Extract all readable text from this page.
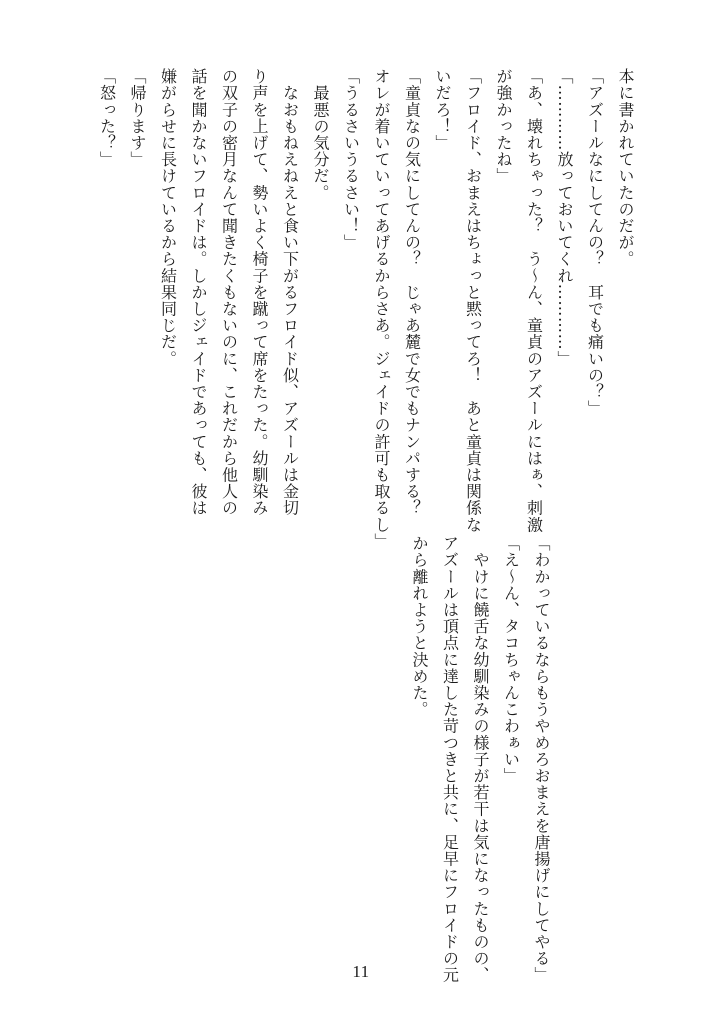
本に書かれていたのだが。
「アズールなにしてんの？　耳でも痛いの？」
「…………放っておいてくれ…………」
「あ、壊れちゃった？　う〜ん、童貞のアズールにはぁ、刺激
が強かったね」
「フロイド、おまえはちょっと黙ってろ！　あと童貞は関係な
いだろ！」
「童貞なの気にしてんの？　じゃあ麓で女でもナンパする？
オレが着いていってあげるからさあ。ジェイドの許可も取るし」
「うるさいうるさい！」
　最悪の気分だ。
　なおもねえねえと食い下がるフロイド似、アズールは金切
り声を上げて、勢いよく椅子を蹴って席をたった。幼馴染み
の双子の密月なんて聞きたくもないのに、これだから他人の
話を聞かないフロイドは。しかしジェイドであっても、彼は
嫌がらせに長けているから結果同じだ。
「帰ります」
「怒った？」
「わかっているならもうやめろおまえを唐揚げにしてやる」
「え〜ん、タコちゃんこわぁい」
　やけに饒舌な幼馴染みの様子が若干は気になったものの、
アズールは頂点に達した苛つきと共に、足早にフロイドの元
から離れようと決めた。
11
